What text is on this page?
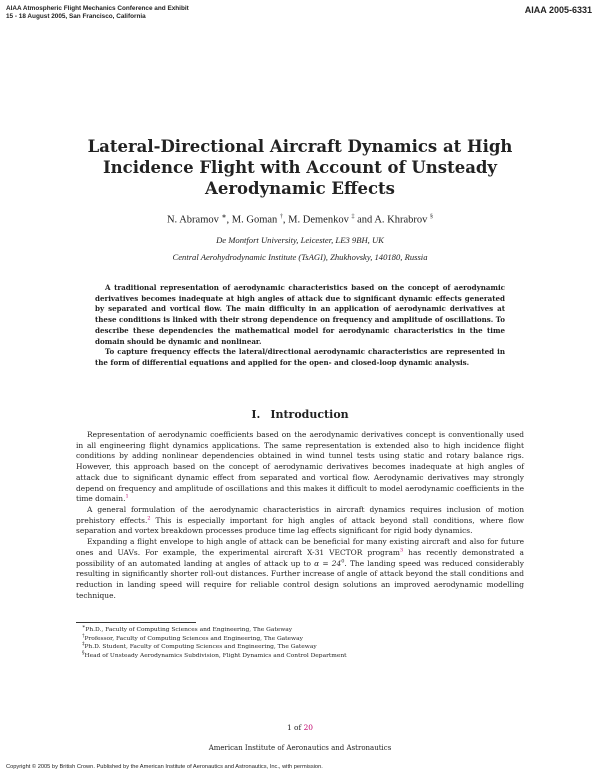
AIAA Atmospheric Flight Mechanics Conference and Exhibit
15 - 18 August 2005, San Francisco, California
AIAA 2005-6331
Lateral-Directional Aircraft Dynamics at High
Incidence Flight with Account of Unsteady
Aerodynamic Effects
N. Abramov ∗, M. Goman †, M. Demenkov ‡ and A. Khrabrov §
De Montfort University, Leicester, LE3 9BH, UK
Central Aerohydrodynamic Institute (TsAGI), Zhukhovsky, 140180, Russia

A traditional representation of aerodynamic characteristics based on the concept of aerodynamic derivatives becomes inadequate at high angles of attack due to significant dynamic effects generated by separated and vortical flow. The main difficulty in an application of aerodynamic derivatives at these conditions is linked with their strong dependence on frequency and amplitude of oscillations. To describe these dependencies the mathematical model for aerodynamic characteristics in the time domain should be dynamic and nonlinear.

To capture frequency effects the lateral/directional aerodynamic characteristics are represented in the form of differential equations and applied for the open- and closed-loop dynamic analysis.

I. Introduction

Representation of aerodynamic coefficients based on the aerodynamic derivatives concept is conventionally used in all engineering flight dynamics applications. The same representation is extended also to high incidence flight conditions by adding nonlinear dependencies obtained in wind tunnel tests using static and rotary balance rigs. However, this approach based on the concept of aerodynamic derivatives becomes inadequate at high angles of attack due to significant dynamic effect from separated and vortical flow. Aerodynamic derivatives may strongly depend on frequency and amplitude of oscillations and this makes it difficult to model aerodynamic coefficients in the time domain.$^1$

A general formulation of the aerodynamic characteristics in aircraft dynamics requires inclusion of motion prehistory effects.$^2$ This is especially important for high angles of attack beyond stall conditions, where flow separation and vortex breakdown processes produce time lag effects significant for rigid body dynamics.

Expanding a flight envelope to high angle of attack can be beneficial for many existing aircraft and also for future ones and UAVs. For example, the experimental aircraft X-31 VECTOR program$^3$ has recently demonstrated a possibility of an automated landing at angles of attack up to $\alpha = 24^0$. The landing speed was reduced considerably resulting in significantly shorter roll-out distances. Further increase of angle of attack beyond the stall conditions and reduction in landing speed will require for reliable control design solutions an improved aerodynamic modelling technique.

∗Ph.D., Faculty of Computing Sciences and Engineering, The Gateway

†Professor, Faculty of Computing Sciences and Engineering, The Gateway

‡Ph.D. Student, Faculty of Computing Sciences and Engineering, The Gateway

§Head of Unsteady Aerodynamics Subdivision, Flight Dynamics and Control Department

1 of 20
American Institute of Aeronautics and Astronautics
Copyright © 2005 by British Crown. Published by the American Institute of Aeronautics and Astronautics, Inc., with permission.
